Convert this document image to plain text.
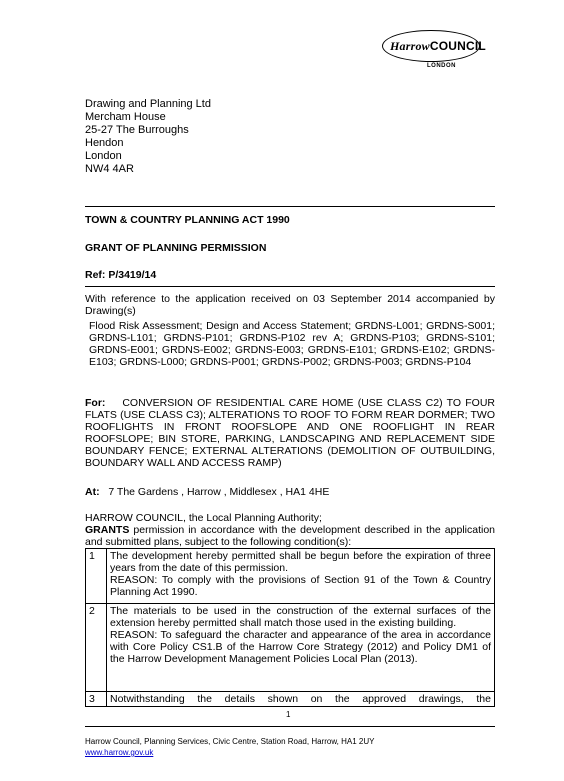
HarrowCOUNCIL
LONDON
Drawing and Planning Ltd
Mercham House
25-27 The Burroughs
Hendon
London
NW4 4AR
TOWN & COUNTRY PLANNING ACT 1990
GRANT OF PLANNING PERMISSION
Ref: P/3419/14
With reference to the application received on 03 September 2014 accompanied by Drawing(s)
Flood Risk Assessment; Design and Access Statement; GRDNS-L001; GRDNS-S001; GRDNS-L101; GRDNS-P101; GRDNS-P102 rev A; GRDNS-P103; GRDNS-S101; GRDNS-E001; GRDNS-E002; GRDNS-E003; GRDNS-E101; GRDNS-E102; GRDNS-E103; GRDNS-L000; GRDNS-P001; GRDNS-P002; GRDNS-P003; GRDNS-P104
For: CONVERSION OF RESIDENTIAL CARE HOME (USE CLASS C2) TO FOUR FLATS (USE CLASS C3); ALTERATIONS TO ROOF TO FORM REAR DORMER; TWO ROOFLIGHTS IN FRONT ROOFSLOPE AND ONE ROOFLIGHT IN REAR ROOFSLOPE; BIN STORE, PARKING, LANDSCAPING AND REPLACEMENT SIDE BOUNDARY FENCE; EXTERNAL ALTERATIONS (DEMOLITION OF OUTBUILDING, BOUNDARY WALL AND ACCESS RAMP)
At: 7 The Gardens , Harrow , Middlesex , HA1 4HE
HARROW COUNCIL, the Local Planning Authority;
GRANTS permission in accordance with the development described in the application and submitted plans, subject to the following condition(s):
1	The development hereby permitted shall be begun before the expiration of three years from the date of this permission.
REASON: To comply with the provisions of Section 91 of the Town & Country Planning Act 1990.

2	The materials to be used in the construction of the external surfaces of the extension hereby permitted shall match those used in the existing building.
REASON: To safeguard the character and appearance of the area in accordance with Core Policy CS1.B of the Harrow Core Strategy (2012) and Policy DM1 of the Harrow Development Management Policies Local Plan (2013).

3	Notwithstanding the details shown on the approved drawings, the
1
Harrow Council, Planning Services, Civic Centre, Station Road, Harrow, HA1 2UY
www.harrow.gov.uk
